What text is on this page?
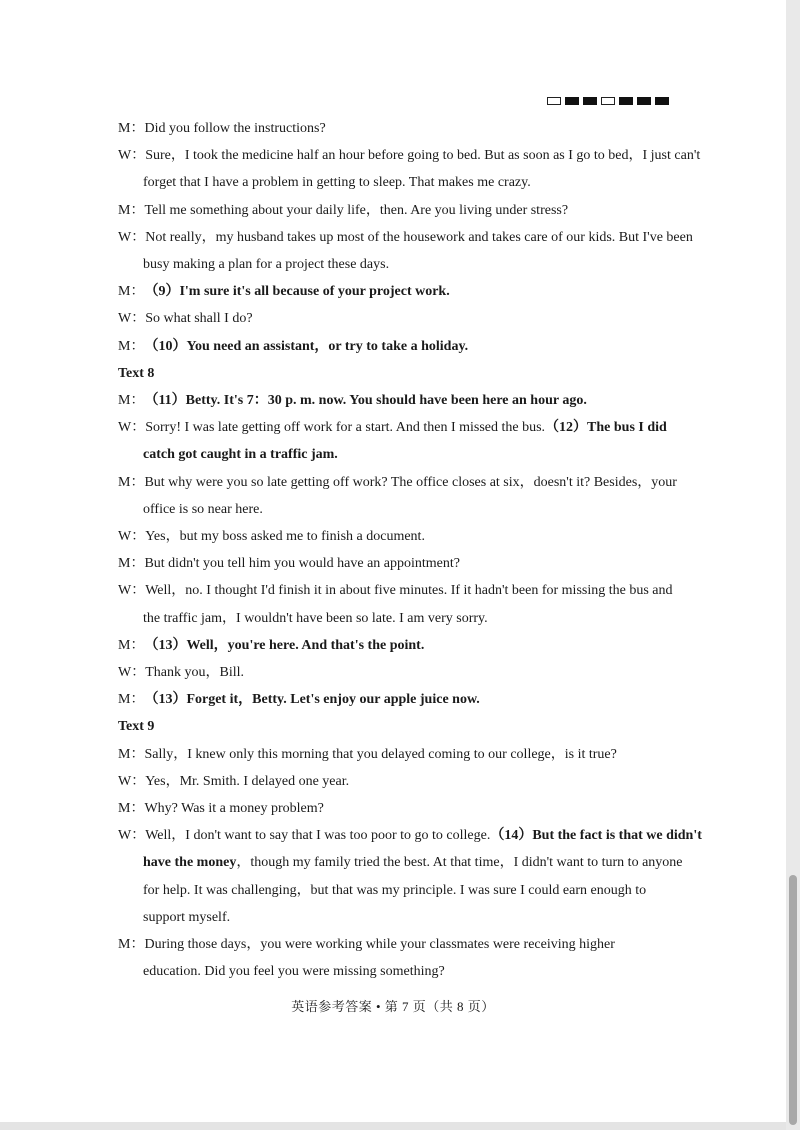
M：Did you follow the instructions?
W：Sure，I took the medicine half an hour before going to bed. But as soon as I go to bed，I just can't
forget that I have a problem in getting to sleep. That makes me crazy.
M：Tell me something about your daily life，then. Are you living under stress?
W：Not really，my husband takes up most of the housework and takes care of our kids. But I've been
busy making a plan for a project these days.
M：（9）I'm sure it's all because of your project work.
W：So what shall I do?
M：（10）You need an assistant，or try to take a holiday.
Text 8
M：（11）Betty. It's 7：30 p. m. now. You should have been here an hour ago.
W：Sorry! I was late getting off work for a start. And then I missed the bus.（12）The bus I did
catch got caught in a traffic jam.
M：But why were you so late getting off work? The office closes at six，doesn't it? Besides，your
office is so near here.
W：Yes，but my boss asked me to finish a document.
M：But didn't you tell him you would have an appointment?
W：Well，no. I thought I'd finish it in about five minutes. If it hadn't been for missing the bus and
the traffic jam，I wouldn't have been so late. I am very sorry.
M：（13）Well，you're here. And that's the point.
W：Thank you，Bill.
M：（13）Forget it，Betty. Let's enjoy our apple juice now.
Text 9
M：Sally，I knew only this morning that you delayed coming to our college，is it true?
W：Yes，Mr. Smith. I delayed one year.
M：Why? Was it a money problem?
W：Well，I don't want to say that I was too poor to go to college.（14）But the fact is that we didn't
have the money，though my family tried the best. At that time，I didn't want to turn to anyone
for help. It was challenging，but that was my principle. I was sure I could earn enough to
support myself.
M：During those days，you were working while your classmates were receiving higher
education. Did you feel you were missing something?
英语参考答案 • 第 7 页（共 8 页）
